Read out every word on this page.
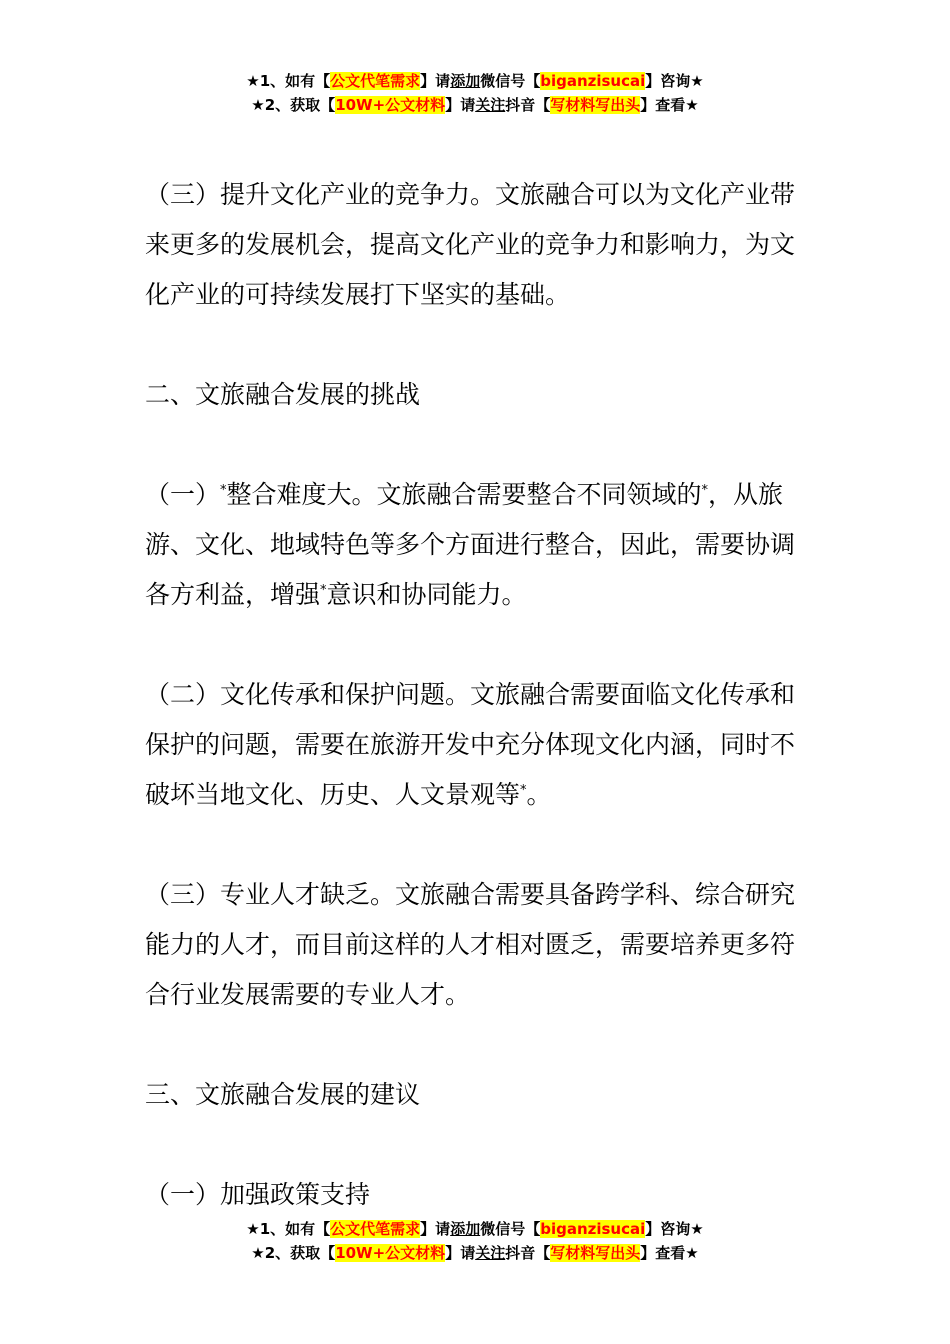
★1、如有【公文代笔需求】请添加微信号【biganzisucai】咨询★
★2、获取【10W+公文材料】请关注抖音【写材料写出头】查看★

（三）提升文化产业的竞争力。文旅融合可以为文化产业带来更多的发展机会，提高文化产业的竞争力和影响力，为文化产业的可持续发展打下坚实的基础。

二、文旅融合发展的挑战

（一）*整合难度大。文旅融合需要整合不同领域的*，从旅游、文化、地域特色等多个方面进行整合，因此，需要协调各方利益，增强*意识和协同能力。

（二）文化传承和保护问题。文旅融合需要面临文化传承和保护的问题，需要在旅游开发中充分体现文化内涵，同时不破坏当地文化、历史、人文景观等*。

（三）专业人才缺乏。文旅融合需要具备跨学科、综合研究能力的人才，而目前这样的人才相对匮乏，需要培养更多符合行业发展需要的专业人才。

三、文旅融合发展的建议

（一）加强政策支持

★1、如有【公文代笔需求】请添加微信号【biganzisucai】咨询★
★2、获取【10W+公文材料】请关注抖音【写材料写出头】查看★
